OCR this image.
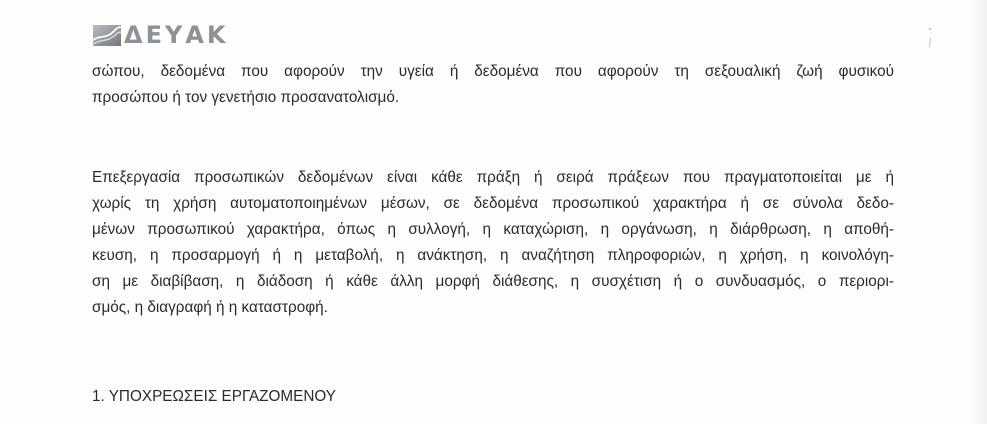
ΔΕΥΑΚ

σώπου, δεδομένα που αφορούν την υγεία ή δεδομένα που αφορούν τη σεξουαλική ζωή φυσικού
προσώπου ή τον γενετήσιο προσανατολισμό.

Επεξεργασία προσωπικών δεδομένων είναι κάθε πράξη ή σειρά πράξεων που πραγματοποιείται με ή
χωρίς τη χρήση αυτοματοποιημένων μέσων, σε δεδομένα προσωπικού χαρακτήρα ή σε σύνολα δεδο-
μένων προσωπικού χαρακτήρα, όπως η συλλογή, η καταχώριση, η οργάνωση, η διάρθρωση, η αποθή-
κευση, η προσαρμογή ή η μεταβολή, η ανάκτηση, η αναζήτηση πληροφοριών, η χρήση, η κοινολόγη-
ση με διαβίβαση, η διάδοση ή κάθε άλλη μορφή διάθεσης, η συσχέτιση ή ο συνδυασμός, ο περιορι-
σμός, η διαγραφή ή η καταστροφή.

1. ΥΠΟΧΡΕΩΣΕΙΣ ΕΡΓΑΖΟΜΕΝΟΥ
